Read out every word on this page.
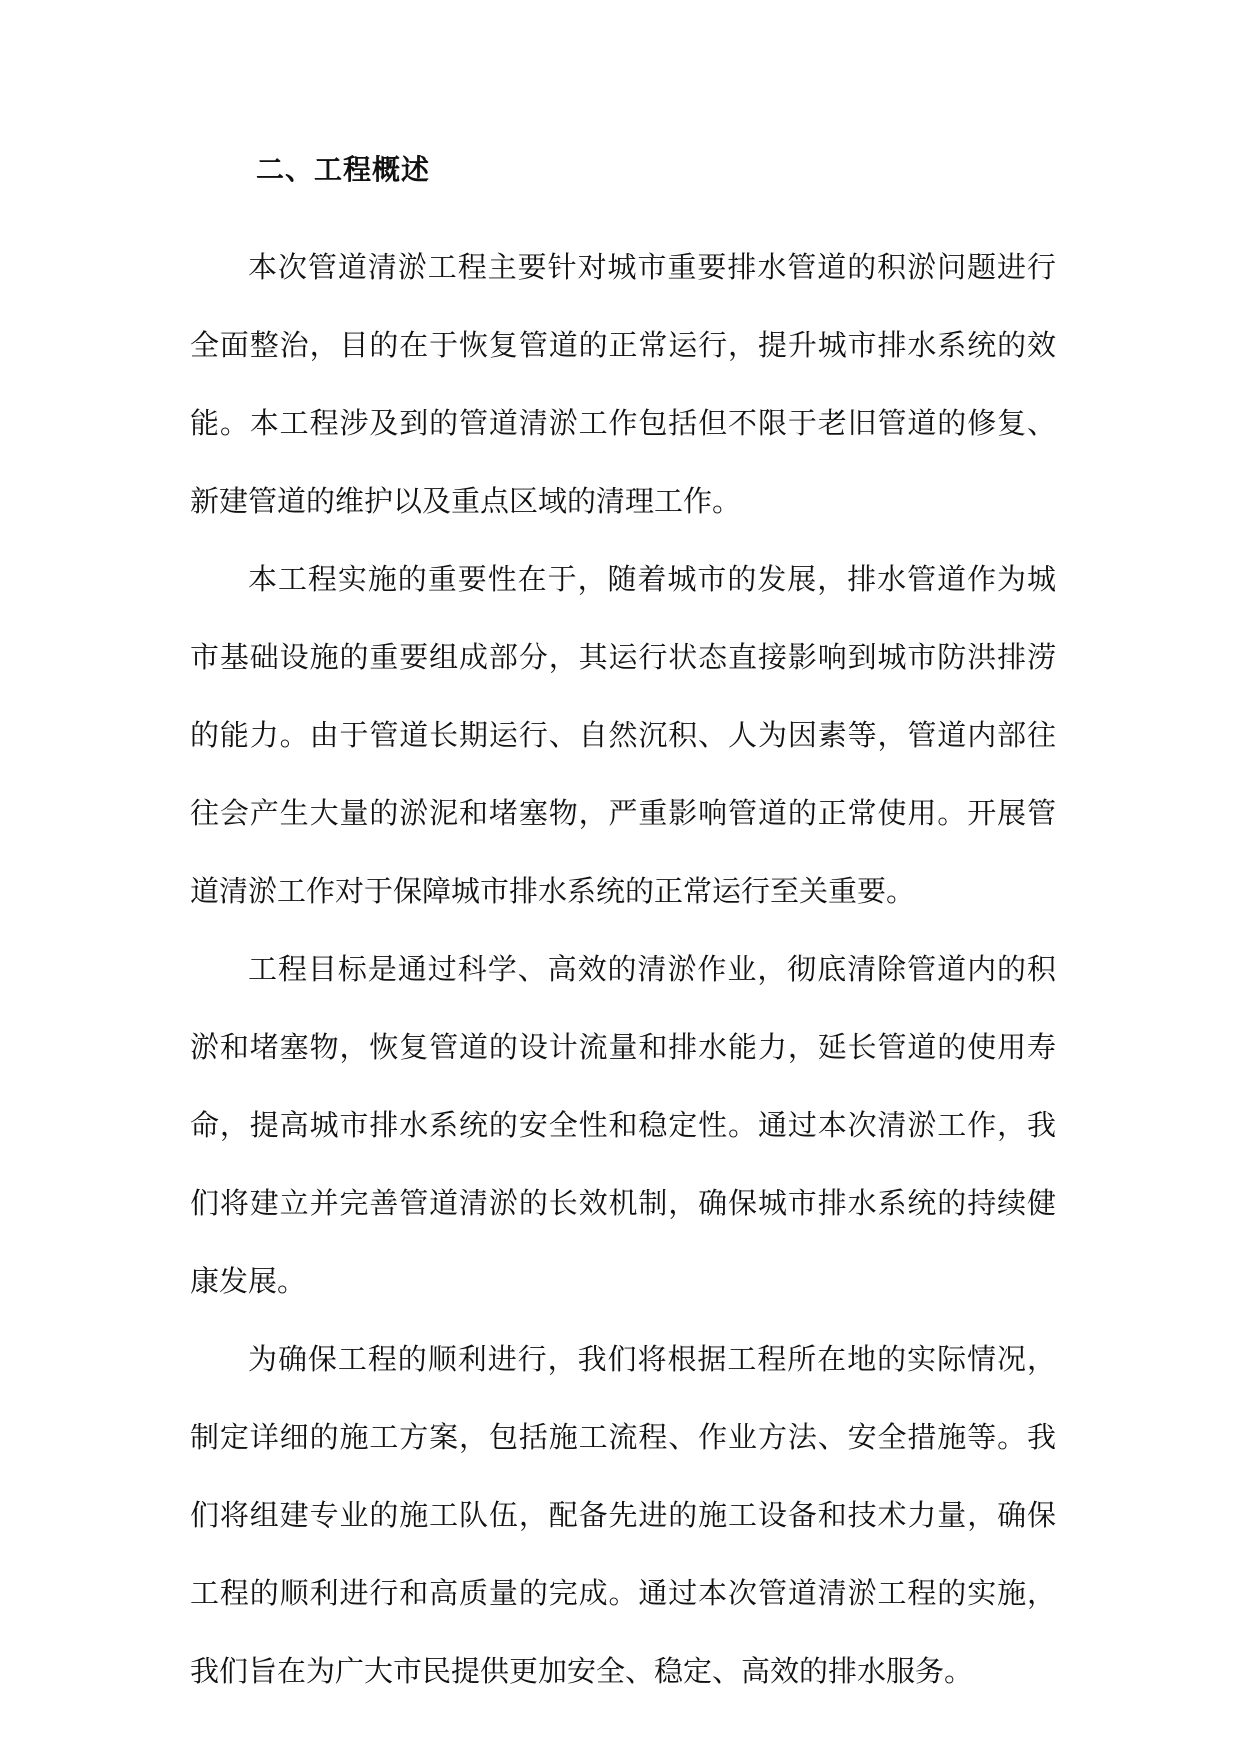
二、工程概述

本次管道清淤工程主要针对城市重要排水管道的积淤问题进行全面整治，目的在于恢复管道的正常运行，提升城市排水系统的效能。本工程涉及到的管道清淤工作包括但不限于老旧管道的修复、新建管道的维护以及重点区域的清理工作。

本工程实施的重要性在于，随着城市的发展，排水管道作为城市基础设施的重要组成部分，其运行状态直接影响到城市防洪排涝的能力。由于管道长期运行、自然沉积、人为因素等，管道内部往往会产生大量的淤泥和堵塞物，严重影响管道的正常使用。开展管道清淤工作对于保障城市排水系统的正常运行至关重要。

工程目标是通过科学、高效的清淤作业，彻底清除管道内的积淤和堵塞物，恢复管道的设计流量和排水能力，延长管道的使用寿命，提高城市排水系统的安全性和稳定性。通过本次清淤工作，我们将建立并完善管道清淤的长效机制，确保城市排水系统的持续健康发展。

为确保工程的顺利进行，我们将根据工程所在地的实际情况，制定详细的施工方案，包括施工流程、作业方法、安全措施等。我们将组建专业的施工队伍，配备先进的施工设备和技术力量，确保工程的顺利进行和高质量的完成。通过本次管道清淤工程的实施，我们旨在为广大市民提供更加安全、稳定、高效的排水服务。
